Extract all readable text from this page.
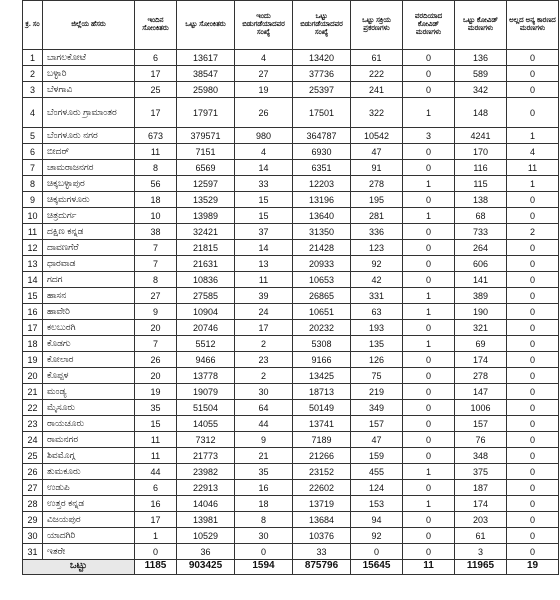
ಕ್ರ. ಸಂ	ಜಿಲ್ಲೆಯ ಹೆಸರು	ಇಂದಿನ ಸೋಂಕಿತರು	ಒಟ್ಟು ಸೋಂಕಿತರು	ಇಂದು ಬಿಡುಗಡೆಯಾದವರ ಸಂಖ್ಯೆ	ಒಟ್ಟು ಬಿಡುಗಡೆಯಾದವರ ಸಂಖ್ಯೆ	ಒಟ್ಟು ಸಕ್ರಿಯ ಪ್ರಕರಣಗಳು	ವರದಿಯಾದ ಕೋವಿಡ್ ಮರಣಗಳು	ಒಟ್ಟು ಕೋವಿಡ್ ಮರಣಗಳು	ಅಲ್ಲದ ಅನ್ಯ ಕಾರಣದ ಮರಣಗಳು
1	ಬಾಗಲಕೋಟೆ	6	13617	4	13420	61	0	136	0
2	ಬಳ್ಳಾರಿ	17	38547	27	37736	222	0	589	0
3	ಬೆಳಗಾವಿ	25	25980	19	25397	241	0	342	0
4	ಬೆಂಗಳೂರು ಗ್ರಾಮಾಂತರ	17	17971	26	17501	322	1	148	0
5	ಬೆಂಗಳೂರು ನಗರ	673	379571	980	364787	10542	3	4241	1
6	ಬೀದರ್	11	7151	4	6930	47	0	170	4
7	ಚಾಮರಾಜನಗರ	8	6569	14	6351	91	0	116	11
8	ಚಿಕ್ಕಬಳ್ಳಾಪುರ	56	12597	33	12203	278	1	115	1
9	ಚಿಕ್ಕಮಗಳೂರು	18	13529	15	13196	195	0	138	0
10	ಚಿತ್ರದುರ್ಗ	10	13989	15	13640	281	1	68	0
11	ದಕ್ಷಿಣ ಕನ್ನಡ	38	32421	37	31350	336	0	733	2
12	ದಾವಣಗೆರೆ	7	21815	14	21428	123	0	264	0
13	ಧಾರವಾಡ	7	21631	13	20933	92	0	606	0
14	ಗದಗ	8	10836	11	10653	42	0	141	0
15	ಹಾಸನ	27	27585	39	26865	331	1	389	0
16	ಹಾವೇರಿ	9	10904	24	10651	63	1	190	0
17	ಕಲಬುರಗಿ	20	20746	17	20232	193	0	321	0
18	ಕೊಡಗು	7	5512	2	5308	135	1	69	0
19	ಕೋಲಾರ	26	9466	23	9166	126	0	174	0
20	ಕೊಪ್ಪಳ	20	13778	2	13425	75	0	278	0
21	ಮಂಡ್ಯ	19	19079	30	18713	219	0	147	0
22	ಮೈಸೂರು	35	51504	64	50149	349	0	1006	0
23	ರಾಯಚೂರು	15	14055	44	13741	157	0	157	0
24	ರಾಮನಗರ	11	7312	9	7189	47	0	76	0
25	ಶಿವಮೊಗ್ಗ	11	21773	21	21266	159	0	348	0
26	ತುಮಕೂರು	44	23982	35	23152	455	1	375	0
27	ಉಡುಪಿ	6	22913	16	22602	124	0	187	0
28	ಉತ್ತರ ಕನ್ನಡ	16	14046	18	13719	153	1	174	0
29	ವಿಜಯಪುರ	17	13981	8	13684	94	0	203	0
30	ಯಾದಗಿರಿ	1	10529	30	10376	92	0	61	0
31	ಇತರೇ	0	36	0	33	0	0	3	0
ಒಟ್ಟು		1185	903425	1594	875796	15645	11	11965	19
